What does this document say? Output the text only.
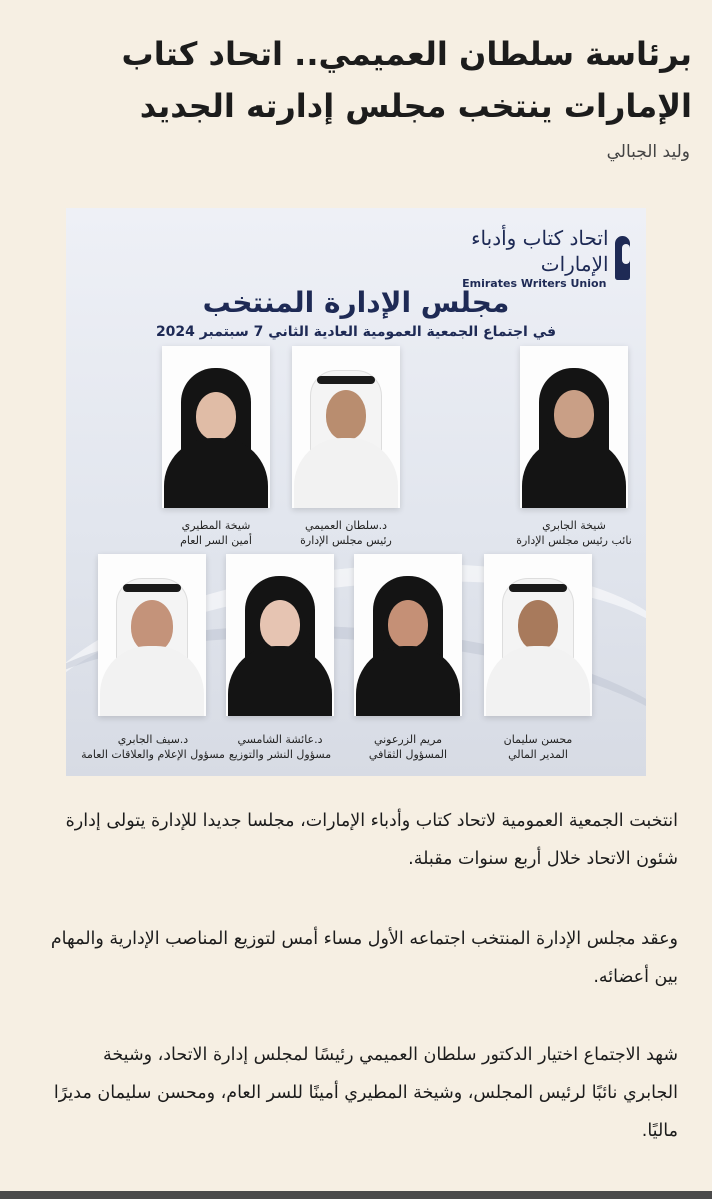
برئاسة سلطان العميمي.. اتحاد كتاب الإمارات ينتخب مجلس إدارته الجديد
وليد الجبالي
اتحاد كتاب وأدباء الإمارات
Emirates Writers Union
مجلس الإدارة المنتخب
في اجتماع الجمعية العمومية العادية الثاني 7 سبتمبر 2024
شيخة الجابري
نائب رئيس مجلس الإدارة
د.سلطان العميمي
رئيس مجلس الإدارة
شيخة المطيري
أمين السر العام
محسن سليمان
المدير المالي
مريم الزرعوني
المسؤول الثقافي
د.عائشة الشامسي
مسؤول النشر والتوزيع
د.سيف الجابري
مسؤول الإعلام والعلاقات العامة

انتخبت الجمعية العمومية لاتحاد كتاب وأدباء الإمارات، مجلسا جديدا للإدارة يتولى إدارة شئون الاتحاد خلال أربع سنوات مقبلة.

وعقد مجلس الإدارة المنتخب اجتماعه الأول مساء أمس لتوزيع المناصب الإدارية والمهام بين أعضائه.

شهد الاجتماع اختيار الدكتور سلطان العميمي رئيسًا لمجلس إدارة الاتحاد، وشيخة الجابري نائبًا لرئيس المجلس، وشيخة المطيري أمينًا للسر العام، ومحسن سليمان مديرًا ماليًا.
